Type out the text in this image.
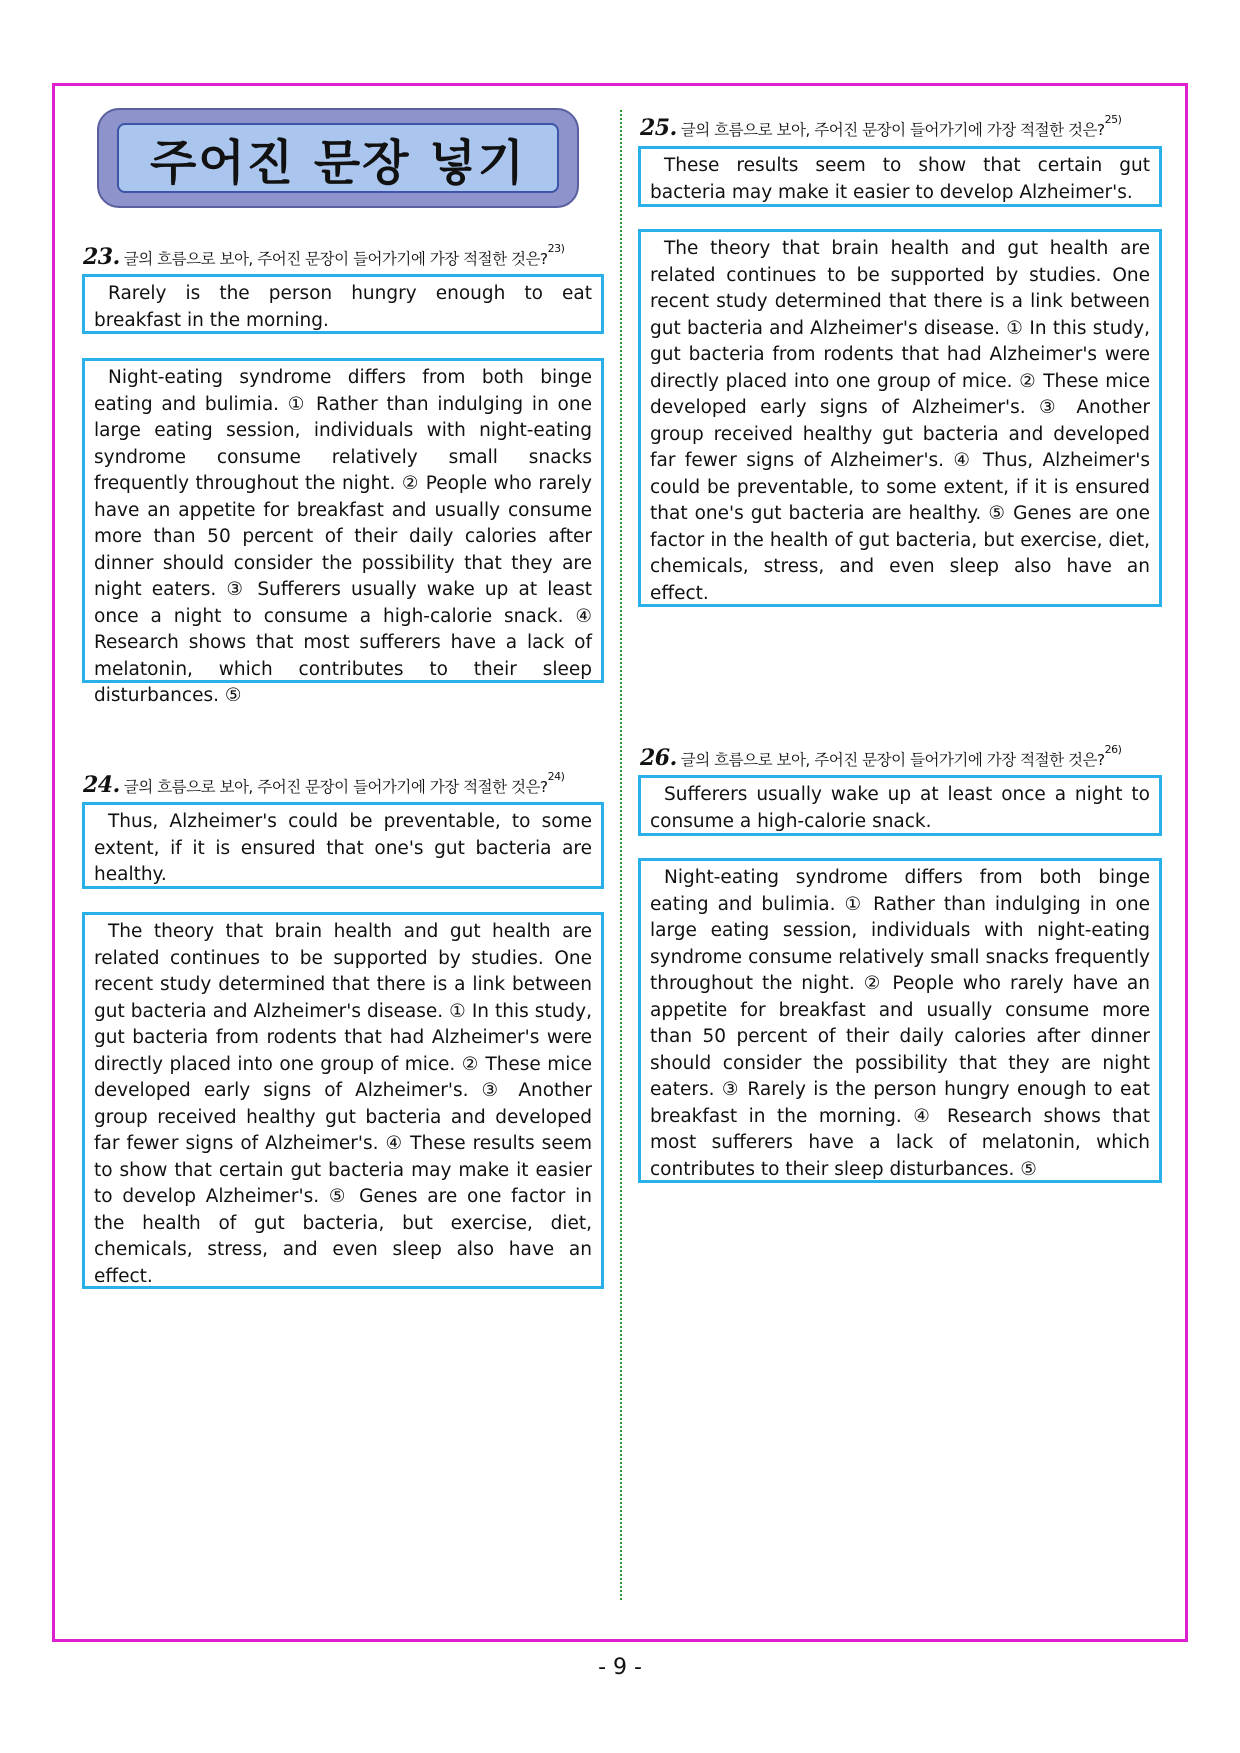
주어진 문장 넣기
23. 글의 흐름으로 보아, 주어진 문장이 들어가기에 가장 적절한 것은?$^{23)}$

Rarely is the person hungry enough to eat breakfast in the morning.

Night-eating syndrome differs from both binge eating and bulimia. ① Rather than indulging in one large eating session, individuals with night-eating syndrome consume relatively small snacks frequently throughout the night. ② People who rarely have an appetite for breakfast and usually consume more than 50 percent of their daily calories after dinner should consider the possibility that they are night eaters. ③ Sufferers usually wake up at least once a night to consume a high-calorie snack. ④ Research shows that most sufferers have a lack of melatonin, which contributes to their sleep disturbances. ⑤

24. 글의 흐름으로 보아, 주어진 문장이 들어가기에 가장 적절한 것은?$^{24)}$

Thus, Alzheimer's could be preventable, to some extent, if it is ensured that one's gut bacteria are healthy.

The theory that brain health and gut health are related continues to be supported by studies. One recent study determined that there is a link between gut bacteria and Alzheimer's disease. ① In this study, gut bacteria from rodents that had Alzheimer's were directly placed into one group of mice. ② These mice developed early signs of Alzheimer's. ③ Another group received healthy gut bacteria and developed far fewer signs of Alzheimer's. ④ These results seem to show that certain gut bacteria may make it easier to develop Alzheimer's. ⑤ Genes are one factor in the health of gut bacteria, but exercise, diet, chemicals, stress, and even sleep also have an effect.

25. 글의 흐름으로 보아, 주어진 문장이 들어가기에 가장 적절한 것은?$^{25)}$

These results seem to show that certain gut bacteria may make it easier to develop Alzheimer's.

The theory that brain health and gut health are related continues to be supported by studies. One recent study determined that there is a link between gut bacteria and Alzheimer's disease. ① In this study, gut bacteria from rodents that had Alzheimer's were directly placed into one group of mice. ② These mice developed early signs of Alzheimer's. ③ Another group received healthy gut bacteria and developed far fewer signs of Alzheimer's. ④ Thus, Alzheimer's could be preventable, to some extent, if it is ensured that one's gut bacteria are healthy. ⑤ Genes are one factor in the health of gut bacteria, but exercise, diet, chemicals, stress, and even sleep also have an effect.

26. 글의 흐름으로 보아, 주어진 문장이 들어가기에 가장 적절한 것은?$^{26)}$

Sufferers usually wake up at least once a night to consume a high-calorie snack.

Night-eating syndrome differs from both binge eating and bulimia. ① Rather than indulging in one large eating session, individuals with night-eating syndrome consume relatively small snacks frequently throughout the night. ② People who rarely have an appetite for breakfast and usually consume more than 50 percent of their daily calories after dinner should consider the possibility that they are night eaters. ③ Rarely is the person hungry enough to eat breakfast in the morning. ④ Research shows that most sufferers have a lack of melatonin, which contributes to their sleep disturbances. ⑤

- 9 -
